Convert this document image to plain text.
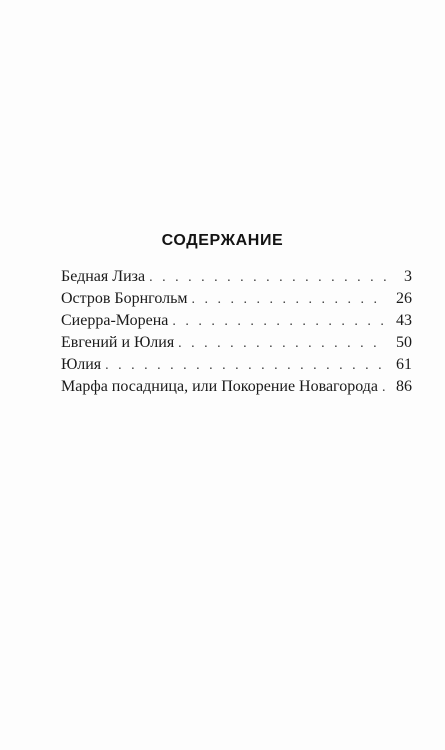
СОДЕРЖАНИЕ
Бедная Лиза . . .	3
Остров Борнгольм . . .	26
Сиерра-Морена . . .	43
Евгений и Юлия . . .	50
Юлия . . .	61
Марфа посадница, или Покорение Новагорода . . .	86
